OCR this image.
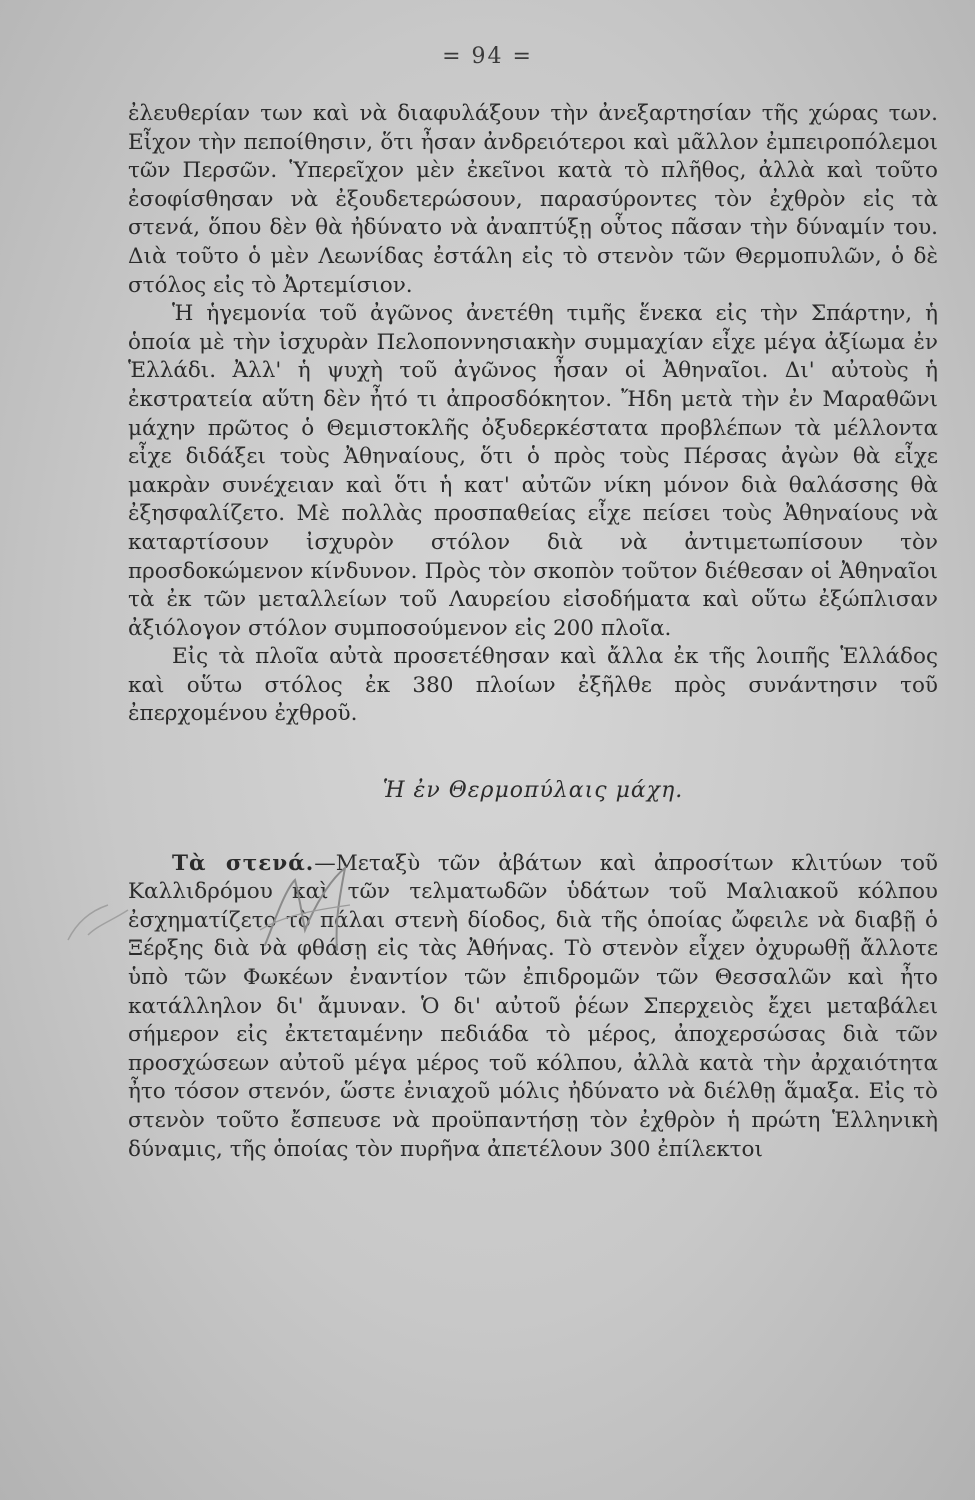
= 94 =

ἐλευθερίαν των καὶ νὰ διαφυλάξουν τὴν ἀνεξαρτησίαν τῆς χώρας των. Εἶχον τὴν πεποίθησιν, ὅτι ἦσαν ἀνδρειότεροι καὶ μᾶλλον ἐμπειροπόλεμοι τῶν Περσῶν. Ὑπερεῖχον μὲν ἐκεῖνοι κατὰ τὸ πλῆθος, ἀλλὰ καὶ τοῦτο ἐσοφίσθησαν νὰ ἐξουδετερώσουν, παρασύροντες τὸν ἐχθρὸν εἰς τὰ στενά, ὅπου δὲν θὰ ἠδύνατο νὰ ἀναπτύξῃ οὗτος πᾶσαν τὴν δύναμίν του. Διὰ τοῦτο ὁ μὲν Λεωνίδας ἐστάλη εἰς τὸ στενὸν τῶν Θερμοπυλῶν, ὁ δὲ στόλος εἰς τὸ Ἀρτεμίσιον.

Ἡ ἡγεμονία τοῦ ἀγῶνος ἀνετέθη τιμῆς ἕνεκα εἰς τὴν Σπάρτην, ἡ ὁποία μὲ τὴν ἰσχυρὰν Πελοποννησιακὴν συμμαχίαν εἶχε μέγα ἀξίωμα ἐν Ἑλλάδι. Ἀλλ' ἡ ψυχὴ τοῦ ἀγῶνος ἦσαν οἱ Ἀθηναῖοι. Δι' αὐτοὺς ἡ ἐκστρατεία αὕτη δὲν ἦτό τι ἀπροσδόκητον. Ἤδη μετὰ τὴν ἐν Μαραθῶνι μάχην πρῶτος ὁ Θεμιστοκλῆς ὀξυδερκέστατα προβλέπων τὰ μέλλοντα εἶχε διδάξει τοὺς Ἀθηναίους, ὅτι ὁ πρὸς τοὺς Πέρσας ἀγὼν θὰ εἶχε μακρὰν συνέχειαν καὶ ὅτι ἡ κατ' αὐτῶν νίκη μόνον διὰ θαλάσσης θὰ ἐξησφαλίζετο. Μὲ πολλὰς προσπαθείας εἶχε πείσει τοὺς Ἀθηναίους νὰ καταρτίσουν ἰσχυρὸν στόλον διὰ νὰ ἀντιμετωπίσουν τὸν προσδοκώμενον κίνδυνον. Πρὸς τὸν σκοπὸν τοῦτον διέθεσαν οἱ Ἀθηναῖοι τὰ ἐκ τῶν μεταλλείων τοῦ Λαυρείου εἰσοδήματα καὶ οὕτω ἐξώπλισαν ἀξιόλογον στόλον συμποσούμενον εἰς 200 πλοῖα.

Εἰς τὰ πλοῖα αὐτὰ προσετέθησαν καὶ ἄλλα ἐκ τῆς λοιπῆς Ἑλλάδος καὶ οὕτω στόλος ἐκ 380 πλοίων ἐξῆλθε πρὸς συνάντησιν τοῦ ἐπερχομένου ἐχθροῦ.

Ἡ ἐν Θερμοπύλαις μάχη.

Τὰ στενά.—Μεταξὺ τῶν ἀβάτων καὶ ἀπροσίτων κλιτύων τοῦ Καλλιδρόμου καὶ τῶν τελματωδῶν ὑδάτων τοῦ Μαλιακοῦ κόλπου ἐσχηματίζετο τὸ πάλαι στενὴ δίοδος, διὰ τῆς ὁποίας ὤφειλε νὰ διαβῇ ὁ Ξέρξης διὰ νὰ φθάσῃ εἰς τὰς Ἀθήνας. Τὸ στενὸν εἶχεν ὀχυρωθῇ ἄλλοτε ὑπὸ τῶν Φωκέων ἐναντίον τῶν ἐπιδρομῶν τῶν Θεσσαλῶν καὶ ἦτο κατάλληλον δι' ἄμυναν. Ὁ δι' αὐτοῦ ῥέων Σπερχειὸς ἔχει μεταβάλει σήμερον εἰς ἐκτεταμένην πεδιάδα τὸ μέρος, ἀποχερσώσας διὰ τῶν προσχώσεων αὐτοῦ μέγα μέρος τοῦ κόλπου, ἀλλὰ κατὰ τὴν ἀρχαιότητα ἦτο τόσον στενόν, ὥστε ἐνιαχοῦ μόλις ἠδύνατο νὰ διέλθῃ ἅμαξα. Εἰς τὸ στενὸν τοῦτο ἔσπευσε νὰ προϋπαντήσῃ τὸν ἐχθρὸν ἡ πρώτη Ἑλληνικὴ δύναμις, τῆς ὁποίας τὸν πυρῆνα ἀπετέλουν 300 ἐπίλεκτοι
